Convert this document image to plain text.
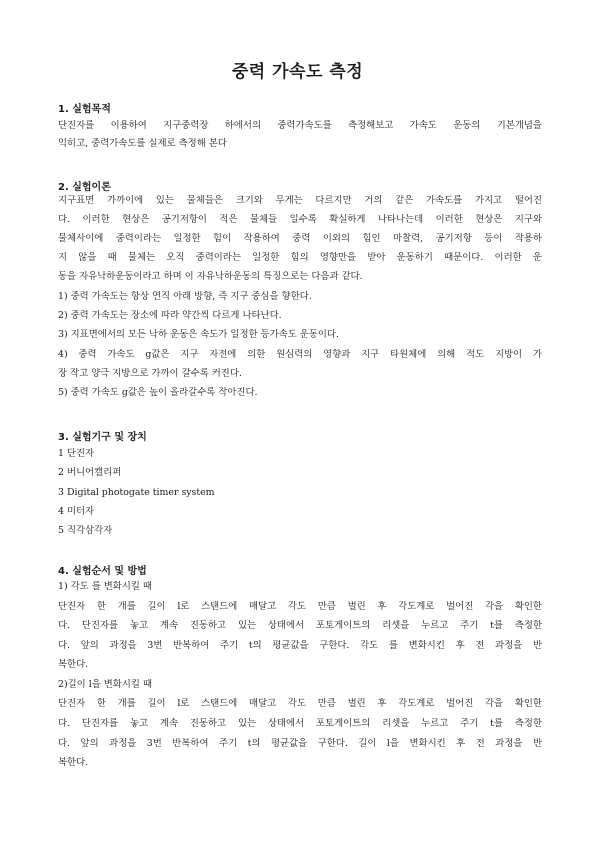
중력 가속도 측정
1. 실험목적
단진자를 이용하여 지구중력장 하에서의 중력가속도를 측정해보고 가속도 운동의 기본개념을
익히고, 중력가속도를 실제로 측정해 본다
2. 실험이론
지구표면 가까이에 있는 물체들은 크기와 무게는 다르지만 거의 같은 가속도를 가지고 떨어진
다. 이러한 현상은 공기저항이 적은 물체들 일수록 확실하게 나타나는데 이러한 현상은 지구와
물체사이에 중력이라는 일정한 힘이 작용하여 중력 이외의 힘인 마찰력, 공기저항 등이 작용하
지 않을 때 물체는 오직 중력이라는 일정한 힘의 영향만을 받아 운동하기 때문이다. 이러한 운
동을 자유낙하운동이라고 하며 이 자유낙하운동의 특징으로는 다음과 같다.
1) 중력 가속도는 항상 연직 아래 방향, 즉 지구 중심을 향한다.
2) 중력 가속도는 장소에 따라 약간씩 다르게 나타난다.
3) 지표면에서의 모든 낙하 운동은 속도가 일정한 등가속도 운동이다.
4) 중력 가속도 g값은 지구 자전에 의한 원심력의 영향과 지구 타원체에 의해 적도 지방이 가
장 작고 양극 지방으로 가까이 갈수록 커진다.
5) 중력 가속도 g값은 높이 올라갈수록 작아진다.
3. 실험기구 및 장치
1 단진자
2 버니어캘리퍼
3 Digital photogate timer system
4 미터자
5 직각삼각자
4. 실험순서 및 방법
1) 각도 를 변화시킬 때
단진자 한 개를 길이 l로 스탠드에 매달고 각도 만큼 벌린 후 각도계로 벌어진 각을 확인한
다. 단진자를 놓고 계속 진동하고 있는 상태에서 포토게이트의 리셋을 누르고 주기 t를 측정한
다. 앞의 과정을 3번 반복하여 주기 t의 평균값을 구한다. 각도 를 변화시킨 후 전 과정을 반
복한다.
2)길이 l을 변화시킬 때
단진자 한 개를 길이 l로 스탠드에 매달고 각도 만큼 벌린 후 각도계로 벌어진 각을 확인한
다. 단진자를 놓고 계속 진동하고 있는 상태에서 포토게이트의 리셋을 누르고 주기 t를 측정한
다. 앞의 과정을 3번 반복하여 주기 t의 평균값을 구한다. 길이 l을 변화시킨 후 전 과정을 반
복한다.
